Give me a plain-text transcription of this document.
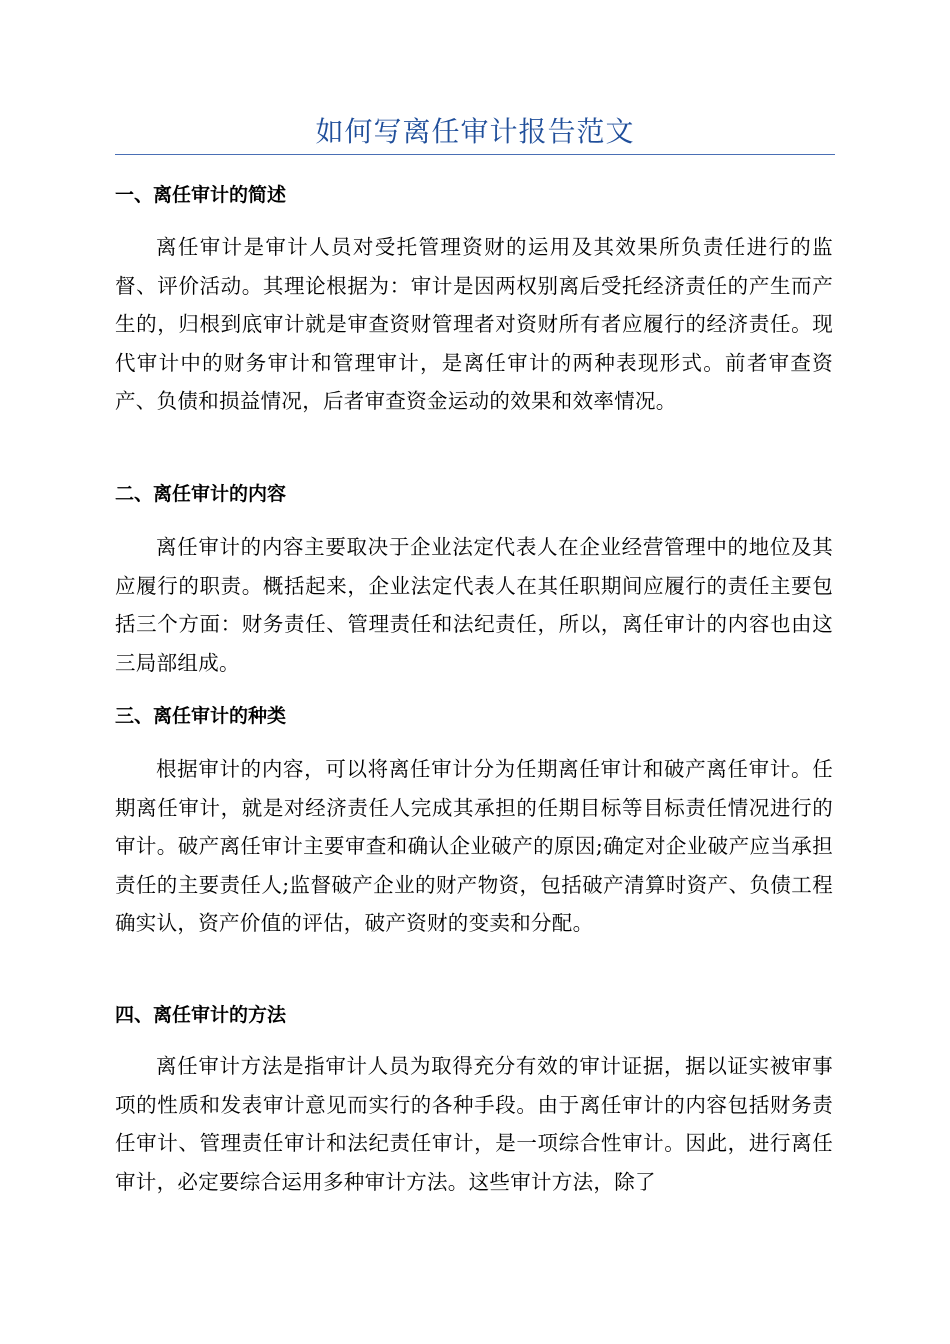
如何写离任审计报告范文
一、离任审计的简述
离任审计是审计人员对受托管理资财的运用及其效果所负责任进行的监督、评价活动。其理论根据为：审计是因两权别离后受托经济责任的产生而产生的，归根到底审计就是审查资财管理者对资财所有者应履行的经济责任。现代审计中的财务审计和管理审计，是离任审计的两种表现形式。前者审查资产、负债和损益情况，后者审查资金运动的效果和效率情况。
二、离任审计的内容
离任审计的内容主要取决于企业法定代表人在企业经营管理中的地位及其应履行的职责。概括起来，企业法定代表人在其任职期间应履行的责任主要包括三个方面：财务责任、管理责任和法纪责任，所以，离任审计的内容也由这三局部组成。
三、离任审计的种类
根据审计的内容，可以将离任审计分为任期离任审计和破产离任审计。任期离任审计，就是对经济责任人完成其承担的任期目标等目标责任情况进行的审计。破产离任审计主要审查和确认企业破产的原因;确定对企业破产应当承担责任的主要责任人;监督破产企业的财产物资，包括破产清算时资产、负债工程确实认，资产价值的评估，破产资财的变卖和分配。
四、离任审计的方法
离任审计方法是指审计人员为取得充分有效的审计证据，据以证实被审事项的性质和发表审计意见而实行的各种手段。由于离任审计的内容包括财务责任审计、管理责任审计和法纪责任审计，是一项综合性审计。因此，进行离任审计，必定要综合运用多种审计方法。这些审计方法，除了
